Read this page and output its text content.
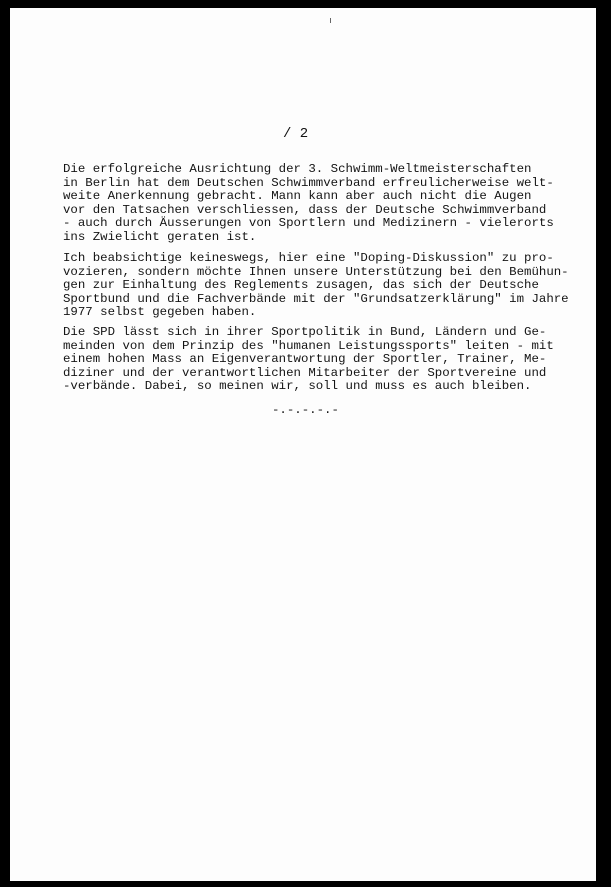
/ 2

Die erfolgreiche Ausrichtung der 3. Schwimm-Weltmeisterschaften
in Berlin hat dem Deutschen Schwimmverband erfreulicherweise welt-
weite Anerkennung gebracht. Mann kann aber auch nicht die Augen
vor den Tatsachen verschliessen, dass der Deutsche Schwimmverband
- auch durch Äusserungen von Sportlern und Medizinern - vielerorts
ins Zwielicht geraten ist.

Ich beabsichtige keineswegs, hier eine "Doping-Diskussion" zu pro-
vozieren, sondern möchte Ihnen unsere Unterstützung bei den Bemühun-
gen zur Einhaltung des Reglements zusagen, das sich der Deutsche
Sportbund und die Fachverbände mit der "Grundsatzerklärung" im Jahre
1977 selbst gegeben haben.

Die SPD lässt sich in ihrer Sportpolitik in Bund, Ländern und Ge-
meinden von dem Prinzip des "humanen Leistungssports" leiten - mit
einem hohen Mass an Eigenverantwortung der Sportler, Trainer, Me-
diziner und der verantwortlichen Mitarbeiter der Sportvereine und
-verbände. Dabei, so meinen wir, soll und muss es auch bleiben.

-.-.-.-.-
